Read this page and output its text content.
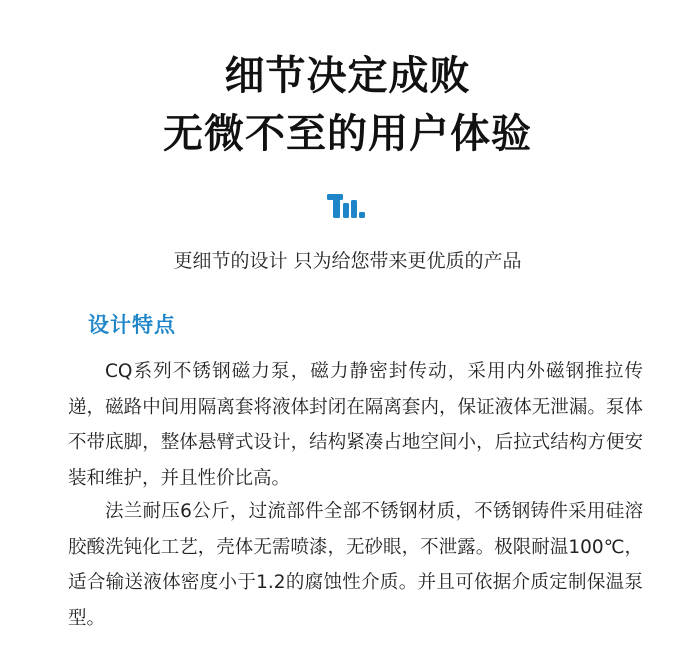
细节决定成败
无微不至的用户体验
更细节的设计 只为给您带来更优质的产品
设计特点

CQ系列不锈钢磁力泵，磁力静密封传动，采用内外磁钢推拉传递，磁路中间用隔离套将液体封闭在隔离套内，保证液体无泄漏。泵体不带底脚，整体悬臂式设计，结构紧凑占地空间小，后拉式结构方便安装和维护，并且性价比高。

法兰耐压6公斤，过流部件全部不锈钢材质，不锈钢铸件采用硅溶胶酸洗钝化工艺，壳体无需喷漆，无砂眼，不泄露。极限耐温100℃，适合输送液体密度小于1.2的腐蚀性介质。并且可依据介质定制保温泵型。
